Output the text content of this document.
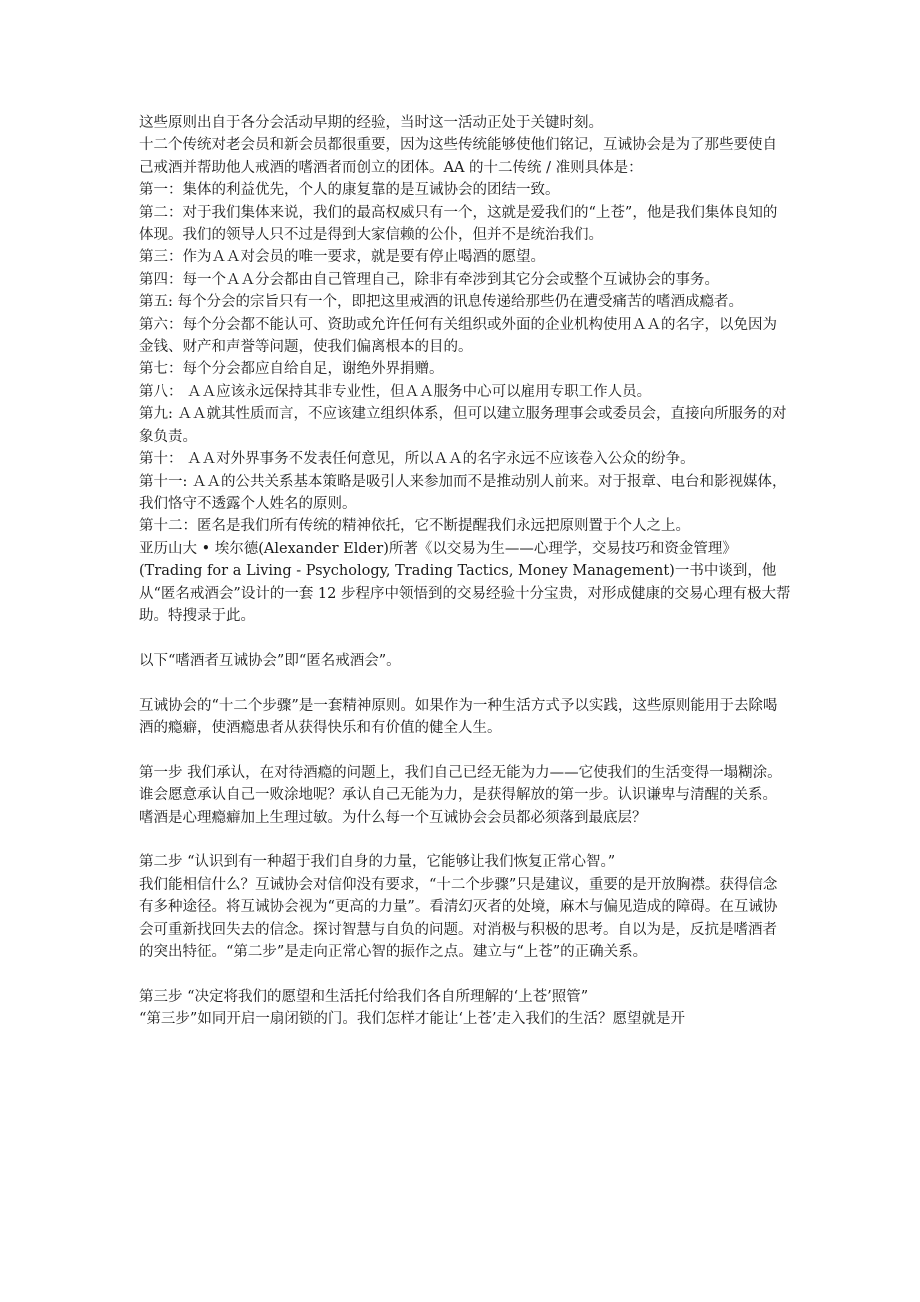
这些原则出自于各分会活动早期的经验，当时这一活动正处于关键时刻。

十二个传统对老会员和新会员都很重要，因为这些传统能够使他们铭记，互诫协会是为了那些要使自己戒酒并帮助他人戒酒的嗜酒者而创立的团体。AA 的十二传统 / 准则具体是：

第一：集体的利益优先，个人的康复靠的是互诫协会的团结一致。

第二：对于我们集体来说，我们的最高权威只有一个，这就是爱我们的“上苍”，他是我们集体良知的体现。我们的领导人只不过是得到大家信赖的公仆，但并不是统治我们。

第三：作为ＡＡ对会员的唯一要求，就是要有停止喝酒的愿望。

第四：每一个ＡＡ分会都由自己管理自己，除非有牵涉到其它分会或整个互诫协会的事务。

第五: 每个分会的宗旨只有一个，即把这里戒酒的讯息传递给那些仍在遭受痛苦的嗜酒成瘾者。

第六：每个分会都不能认可、资助或允许任何有关组织或外面的企业机构使用ＡＡ的名字，以免因为金钱、财产和声誉等问题，使我们偏离根本的目的。

第七：每个分会都应自给自足，谢绝外界捐赠。

第八： ＡＡ应该永远保持其非专业性，但ＡＡ服务中心可以雇用专职工作人员。

第九: ＡＡ就其性质而言，不应该建立组织体系，但可以建立服务理事会或委员会，直接向所服务的对象负责。

第十： ＡＡ对外界事务不发表任何意见，所以ＡＡ的名字永远不应该卷入公众的纷争。

第十一: ＡＡ的公共关系基本策略是吸引人来参加而不是推动别人前来。对于报章、电台和影视媒体，我们恪守不透露个人姓名的原则。

第十二：匿名是我们所有传统的精神依托，它不断提醒我们永远把原则置于个人之上。

亚历山大 • 埃尔德(Alexander Elder)所著《以交易为生——心理学，交易技巧和资金管理》(Trading for a Living - Psychology, Trading Tactics, Money Management)一书中谈到，他从“匿名戒酒会”设计的一套 12 步程序中领悟到的交易经验十分宝贵，对形成健康的交易心理有极大帮助。特搜录于此。

以下“嗜酒者互诫协会”即“匿名戒酒会”。

互诫协会的“十二个步骤”是一套精神原则。如果作为一种生活方式予以实践，这些原则能用于去除喝酒的瘾癖，使酒瘾患者从获得快乐和有价值的健全人生。

第一步 我们承认，在对待酒瘾的问题上，我们自己已经无能为力——它使我们的生活变得一塌糊涂。

谁会愿意承认自己一败涂地呢？承认自己无能为力，是获得解放的第一步。认识谦卑与清醒的关系。嗜酒是心理瘾癖加上生理过敏。为什么每一个互诫协会会员都必须落到最底层？

第二步 “认识到有一种超于我们自身的力量，它能够让我们恢复正常心智。”

我们能相信什么？互诫协会对信仰没有要求，“十二个步骤”只是建议，重要的是开放胸襟。获得信念有多种途径。将互诫协会视为“更高的力量”。看清幻灭者的处境，麻木与偏见造成的障碍。在互诫协会可重新找回失去的信念。探讨智慧与自负的问题。对消极与积极的思考。自以为是，反抗是嗜酒者的突出特征。“第二步”是走向正常心智的振作之点。建立与“上苍”的正确关系。

第三步 “决定将我们的愿望和生活托付给我们各自所理解的‘上苍’照管”

“第三步”如同开启一扇闭锁的门。我们怎样才能让‘上苍’走入我们的生活？愿望就是开
